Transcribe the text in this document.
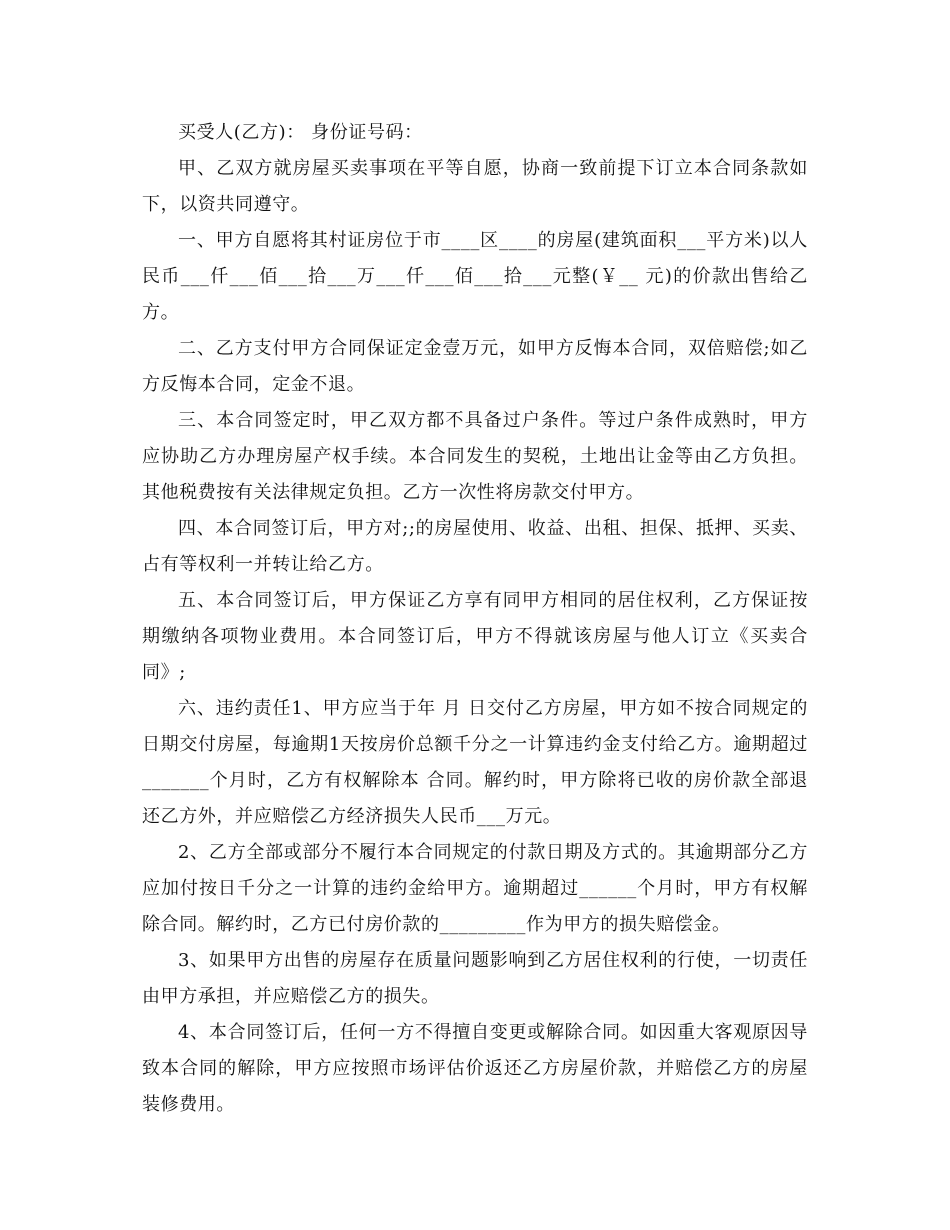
买受人(乙方)： 身份证号码：

甲、乙双方就房屋买卖事项在平等自愿，协商一致前提下订立本合同条款如下，以资共同遵守。

一、甲方自愿将其村证房位于市____区____的房屋(建筑面积___平方米)以人民币___仟___佰___拾___万___仟___佰___拾___元整(￥__ 元)的价款出售给乙方。

二、乙方支付甲方合同保证定金壹万元，如甲方反悔本合同，双倍赔偿;如乙方反悔本合同，定金不退。

三、本合同签定时，甲乙双方都不具备过户条件。等过户条件成熟时，甲方应协助乙方办理房屋产权手续。本合同发生的契税，土地出让金等由乙方负担。其他税费按有关法律规定负担。乙方一次性将房款交付甲方。

四、本合同签订后，甲方对;;的房屋使用、收益、出租、担保、抵押、买卖、占有等权利一并转让给乙方。

五、本合同签订后，甲方保证乙方享有同甲方相同的居住权利，乙方保证按期缴纳各项物业费用。本合同签订后，甲方不得就该房屋与他人订立《买卖合同》;

六、违约责任1、甲方应当于年 月 日交付乙方房屋，甲方如不按合同规定的日期交付房屋，每逾期1天按房价总额千分之一计算违约金支付给乙方。逾期超过_______个月时，乙方有权解除本 合同。解约时，甲方除将已收的房价款全部退还乙方外，并应赔偿乙方经济损失人民币___万元。

2、乙方全部或部分不履行本合同规定的付款日期及方式的。其逾期部分乙方应加付按日千分之一计算的违约金给甲方。逾期超过______个月时，甲方有权解除合同。解约时，乙方已付房价款的_________作为甲方的损失赔偿金。

3、如果甲方出售的房屋存在质量问题影响到乙方居住权利的行使，一切责任由甲方承担，并应赔偿乙方的损失。

4、本合同签订后，任何一方不得擅自变更或解除合同。如因重大客观原因导致本合同的解除，甲方应按照市场评估价返还乙方房屋价款，并赔偿乙方的房屋装修费用。
